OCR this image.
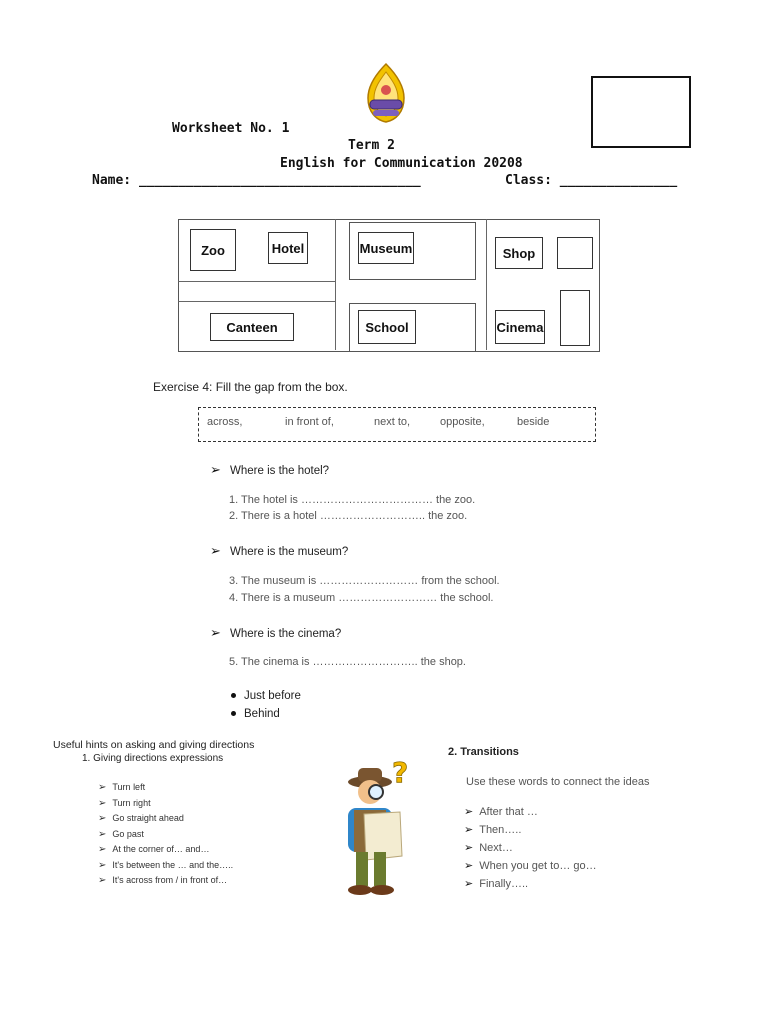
Worksheet No. 1
Term 2
English for Communication 20208
Name: ____________________________________	Class: _______________
Zoo	Hotel	Museum	Shop
Canteen	School	Cinema
Exercise 4: Fill the gap from the box.
across,	in front of,	next to,	opposite,	beside
➢ Where is the hotel?
1. The hotel is ……………………………… the zoo.
2. There is a hotel ……………………….. the zoo.
➢ Where is the museum?
3. The museum is ……………………… from the school.
4. There is a museum ……………………… the school.
➢ Where is the cinema?
5. The cinema is ……………………….. the shop.
Just before
Behind
Useful hints on asking and giving directions
1. Giving directions expressions
➢ Turn left
➢ Turn right
➢ Go straight ahead
➢ Go past
➢ At the corner of… and…
➢ It's between the … and the…..
➢ It's across from / in front of…
?
2. Transitions
Use these words to connect the ideas
➢ After that …
➢ Then…..
➢ Next…
➢ When you get to… go…
➢ Finally…..
